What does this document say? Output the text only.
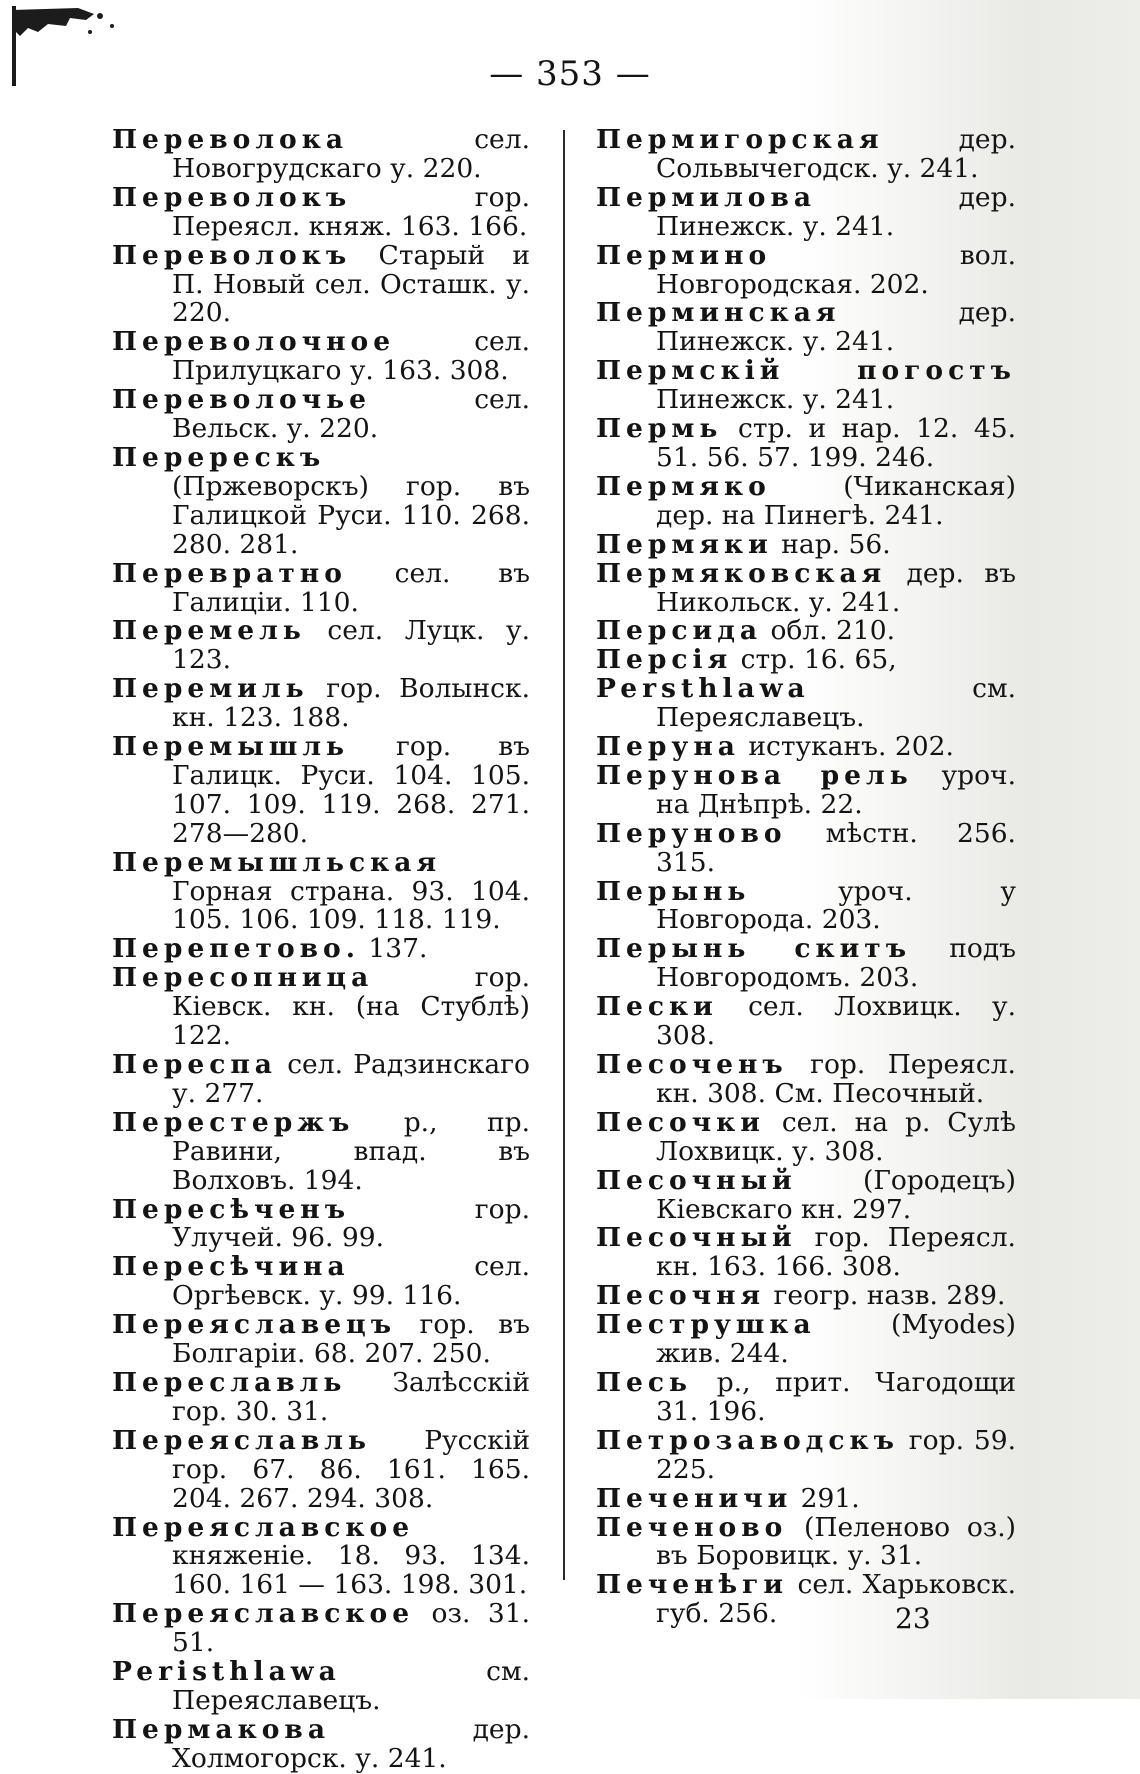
— 353 —

Переволока сел. Новогрудскаго у. 220.

Переволокъ гор. Переясл. княж. 163. 166.

Переволокъ Старый и П. Новый сел. Осташк. у. 220.

Переволочное сел. Прилуцкаго у. 163. 308.

Переволочье сел. Вельск. у. 220.

Перерескъ (Пржеворскъ) гор. въ Галицкой Руси. 110. 268. 280. 281.

Перевратно сел. въ Галиціи. 110.

Перемель сел. Луцк. у. 123.

Перемиль гор. Волынск. кн. 123. 188.

Перемышль гор. въ Галицк. Руси. 104. 105. 107. 109. 119. 268. 271. 278—280.

Перемышльская Горная страна. 93. 104. 105. 106. 109. 118. 119.

Перепетово. 137.

Пересопница гор. Кіевск. кн. (на Стублѣ) 122.

Переспа сел. Радзинскаго у. 277.

Перестержъ р., пр. Равини, впад. въ Волховъ. 194.

Пересѣченъ гор. Улучей. 96. 99.

Пересѣчина сел. Оргѣевск. у. 99. 116.

Переяславецъ гор. въ Болгаріи. 68. 207. 250.

Переславль Залѣсскій гор. 30. 31.

Переяславль Русскій гор. 67. 86. 161. 165. 204. 267. 294. 308.

Переяславское княженіе. 18. 93. 134. 160. 161 — 163. 198. 301.

Переяславское оз. 31. 51.

Peristhlawa см. Переяславецъ.

Пермакова дер. Холмогорск. у. 241.

Пермигорская дер. Сольвычегодск. у. 241.

Пермилова дер. Пинежск. у. 241.

Пермино вол. Новгородская. 202.

Перминская дер. Пинежск. у. 241.

Пермскій погостъ Пинежск. у. 241.

Пермь стр. и нар. 12. 45. 51. 56. 57. 199. 246.

Пермяко (Чиканская) дер. на Пинегѣ. 241.

Пермяки нар. 56.

Пермяковская дер. въ Никольск. у. 241.

Персида обл. 210.

Персія стр. 16. 65,

Persthlawa см. Переяславецъ.

Перуна истуканъ. 202.

Перунова рель уроч. на Днѣпрѣ. 22.

Перуново мѣстн. 256. 315.

Перынь уроч. у Новгорода. 203.

Перынь скитъ подъ Новгородомъ. 203.

Пески сел. Лохвицк. у. 308.

Песоченъ гор. Переясл. кн. 308. См. Песочный.

Песочки сел. на р. Сулѣ Лохвицк. у. 308.

Песочный (Городецъ) Кіевскаго кн. 297.

Песочный гор. Переясл. кн. 163. 166. 308.

Песочня геогр. назв. 289.

Пеструшка (Myodes) жив. 244.

Песь р., прит. Чагодощи 31. 196.

Петрозаводскъ гор. 59. 225.

Печеничи 291.

Печеново (Пеленово оз.) въ Боровицк. у. 31.

Печенѣги сел. Харьковск. губ. 256.	23
